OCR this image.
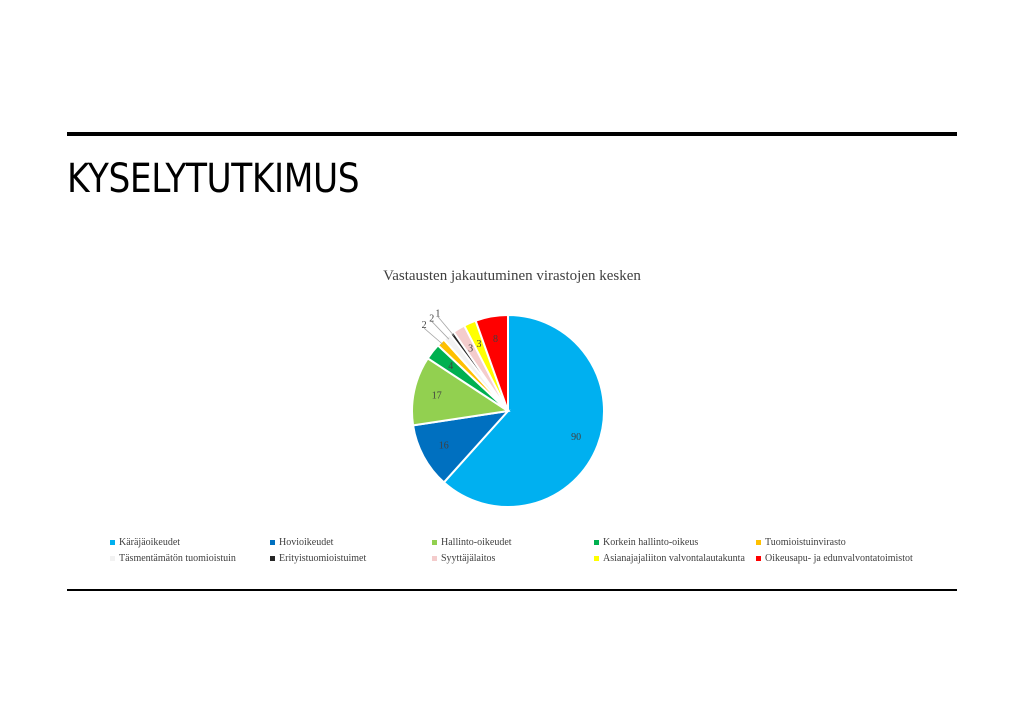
KYSELYTUTKIMUS
Vastausten jakautuminen virastojen kesken
90
16
17
4
2
2 1
3 3 8
Käräjäoikeudet	Hovioikeudet	Hallinto-oikeudet	Korkein hallinto-oikeus	Tuomioistuinvirasto
Täsmentämätön tuomioistuin	Erityistuomioistuimet	Syyttäjälaitos	Asianajajaliiton valvontalautakunta Oikeusapu- ja edunvalvontatoimistot
